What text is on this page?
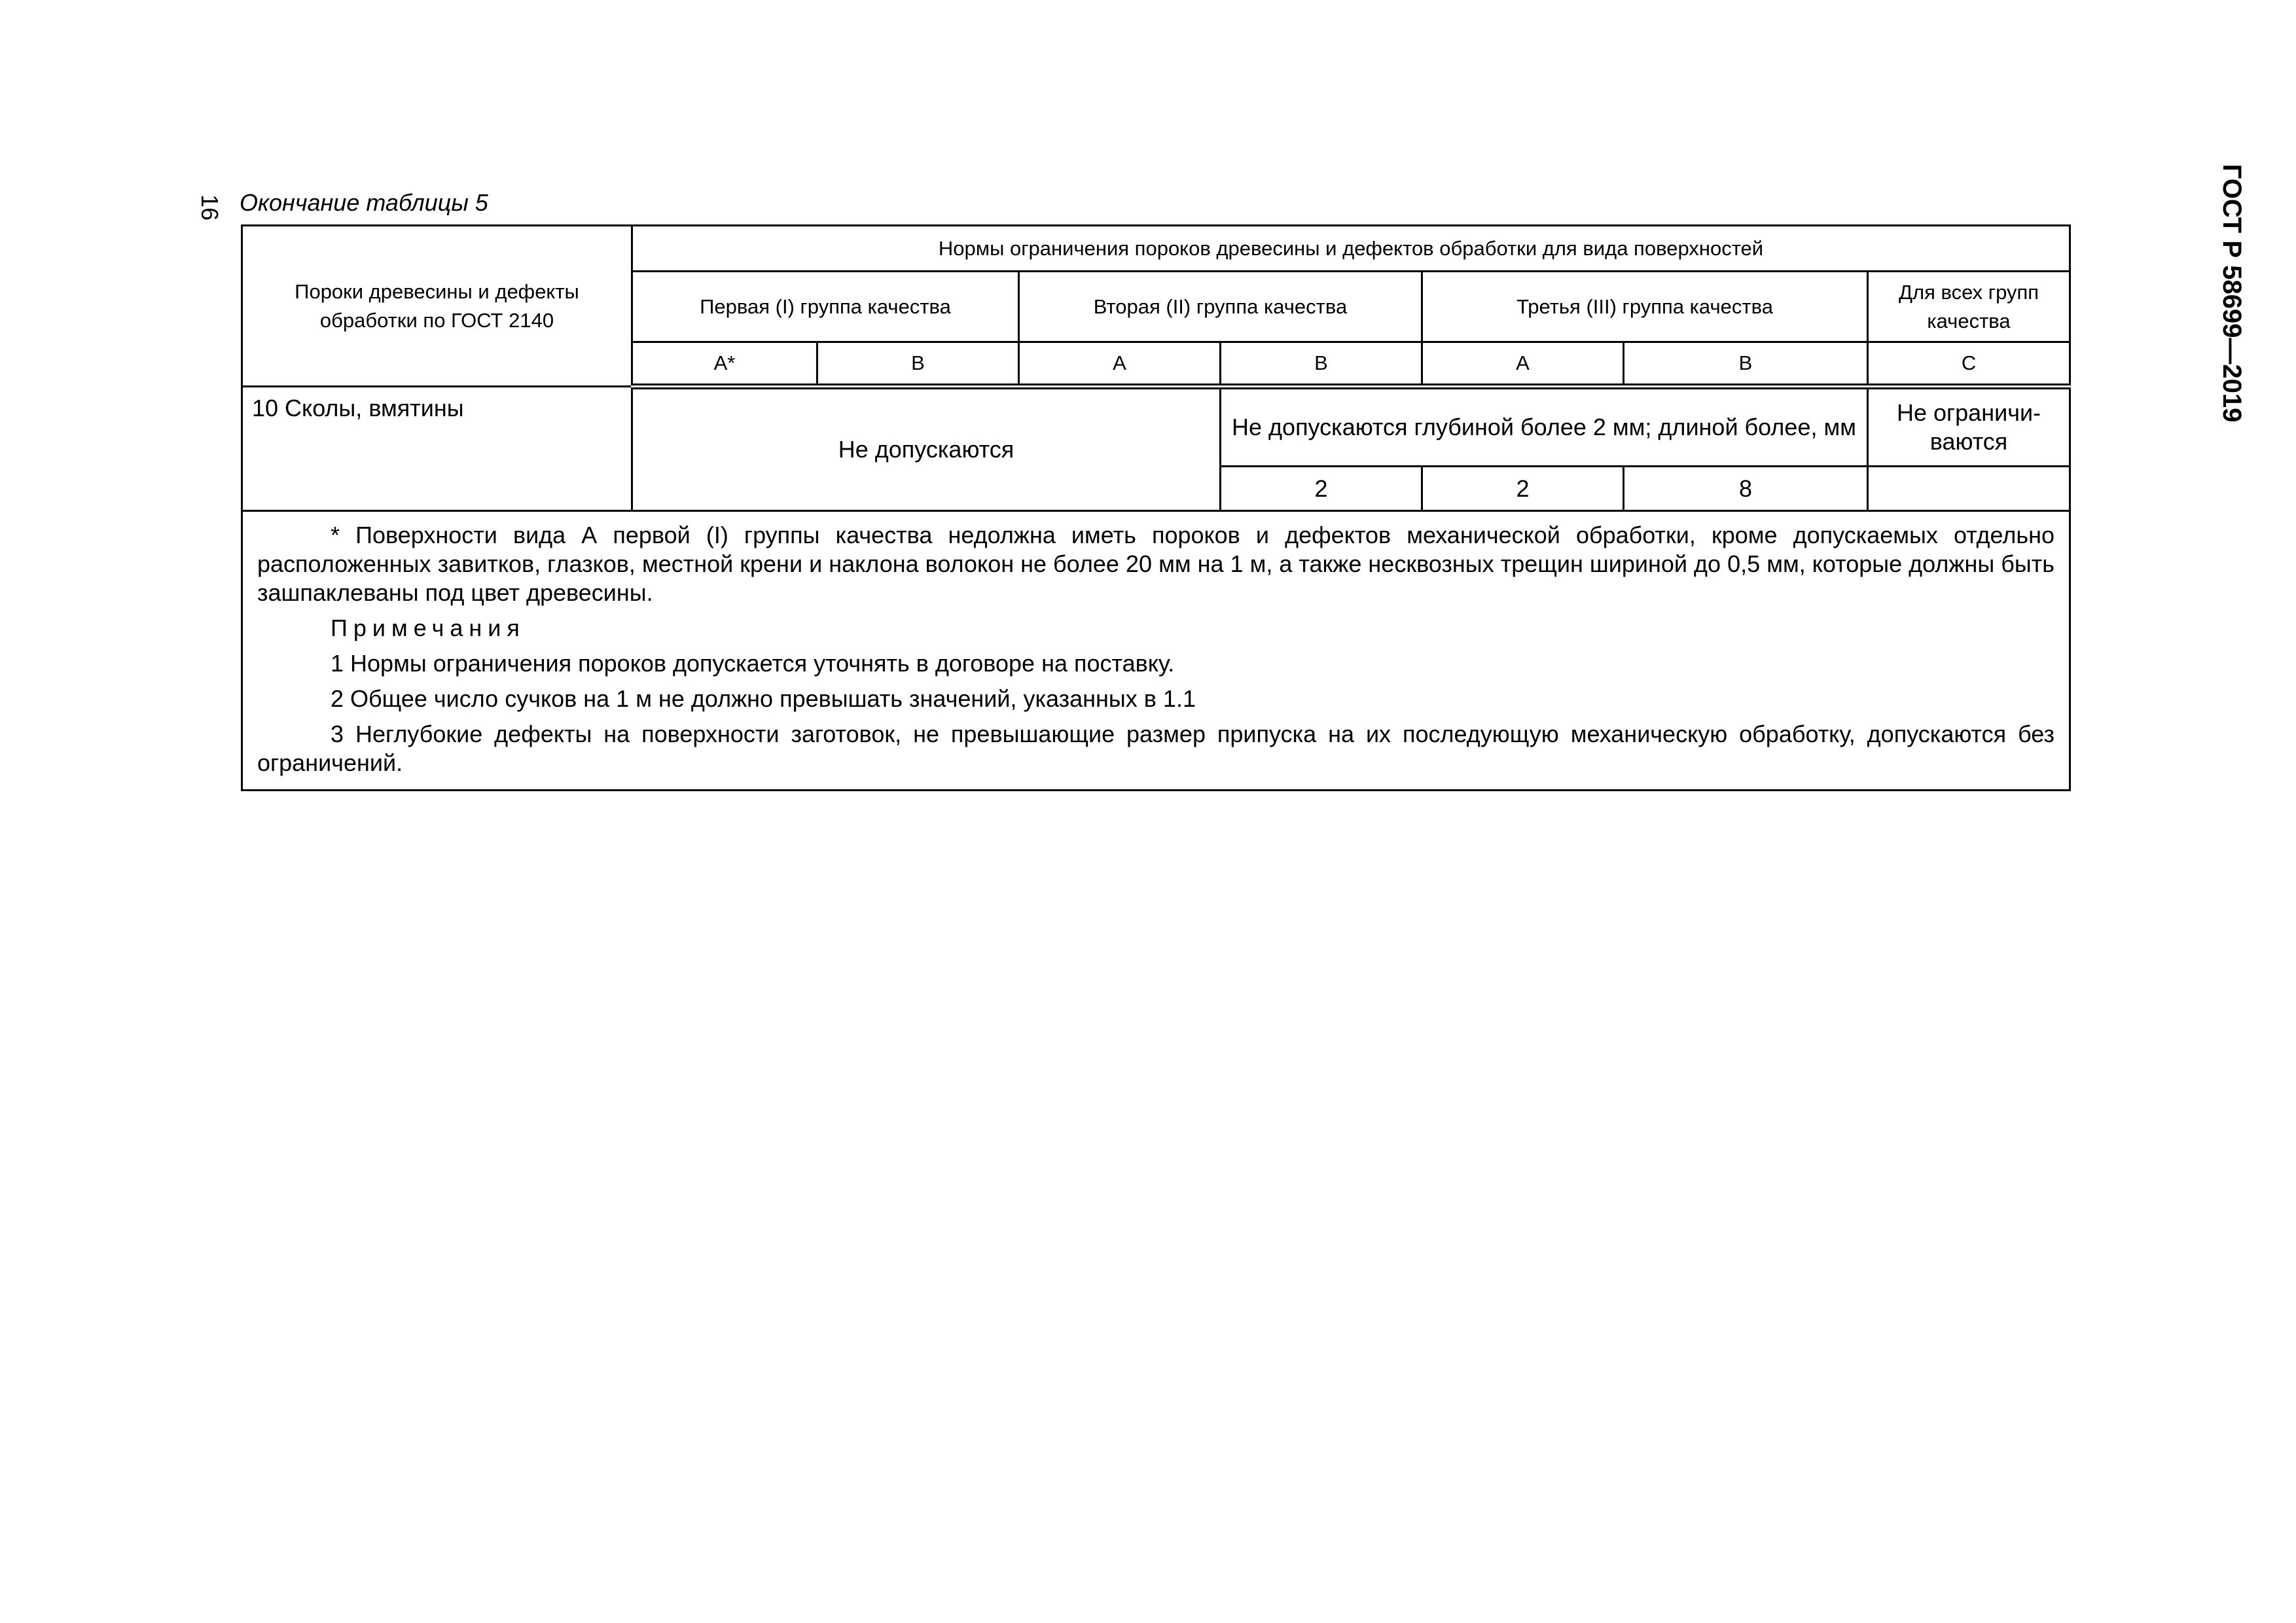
16	ГОСТ Р 58699—2019
Окончание таблицы 5
Пороки древесины и дефекты обработки по ГОСТ 2140	Нормы ограничения пороков древесины и дефектов обработки для вида поверхностей						
	Первая (I) группа качества		Вторая (II) группа качества		Третья (III) группа качества		Для всех групп качества
	А*	В	А	В	А	В	С
10 Сколы, вмятины	Не допускаются			Не допускаются глубиной более 2 мм; длиной более, мм			Не ограничи-ваются
				2	2	8	

* Поверхности вида А первой (I) группы качества недолжна иметь пороков и дефектов механической обработки, кроме допускаемых отдельно расположенных завитков, глазков, местной крени и наклона волокон не более 20 мм на 1 м, а также несквозных трещин шириной до 0,5 мм, которые должны быть зашпаклеваны под цвет древесины.

Примечания

1 Нормы ограничения пороков допускается уточнять в договоре на поставку.

2 Общее число сучков на 1 м не должно превышать значений, указанных в 1.1

3 Неглубокие дефекты на поверхности заготовок, не превышающие размер припуска на их последующую механическую обработку, допускаются без ограничений.							
